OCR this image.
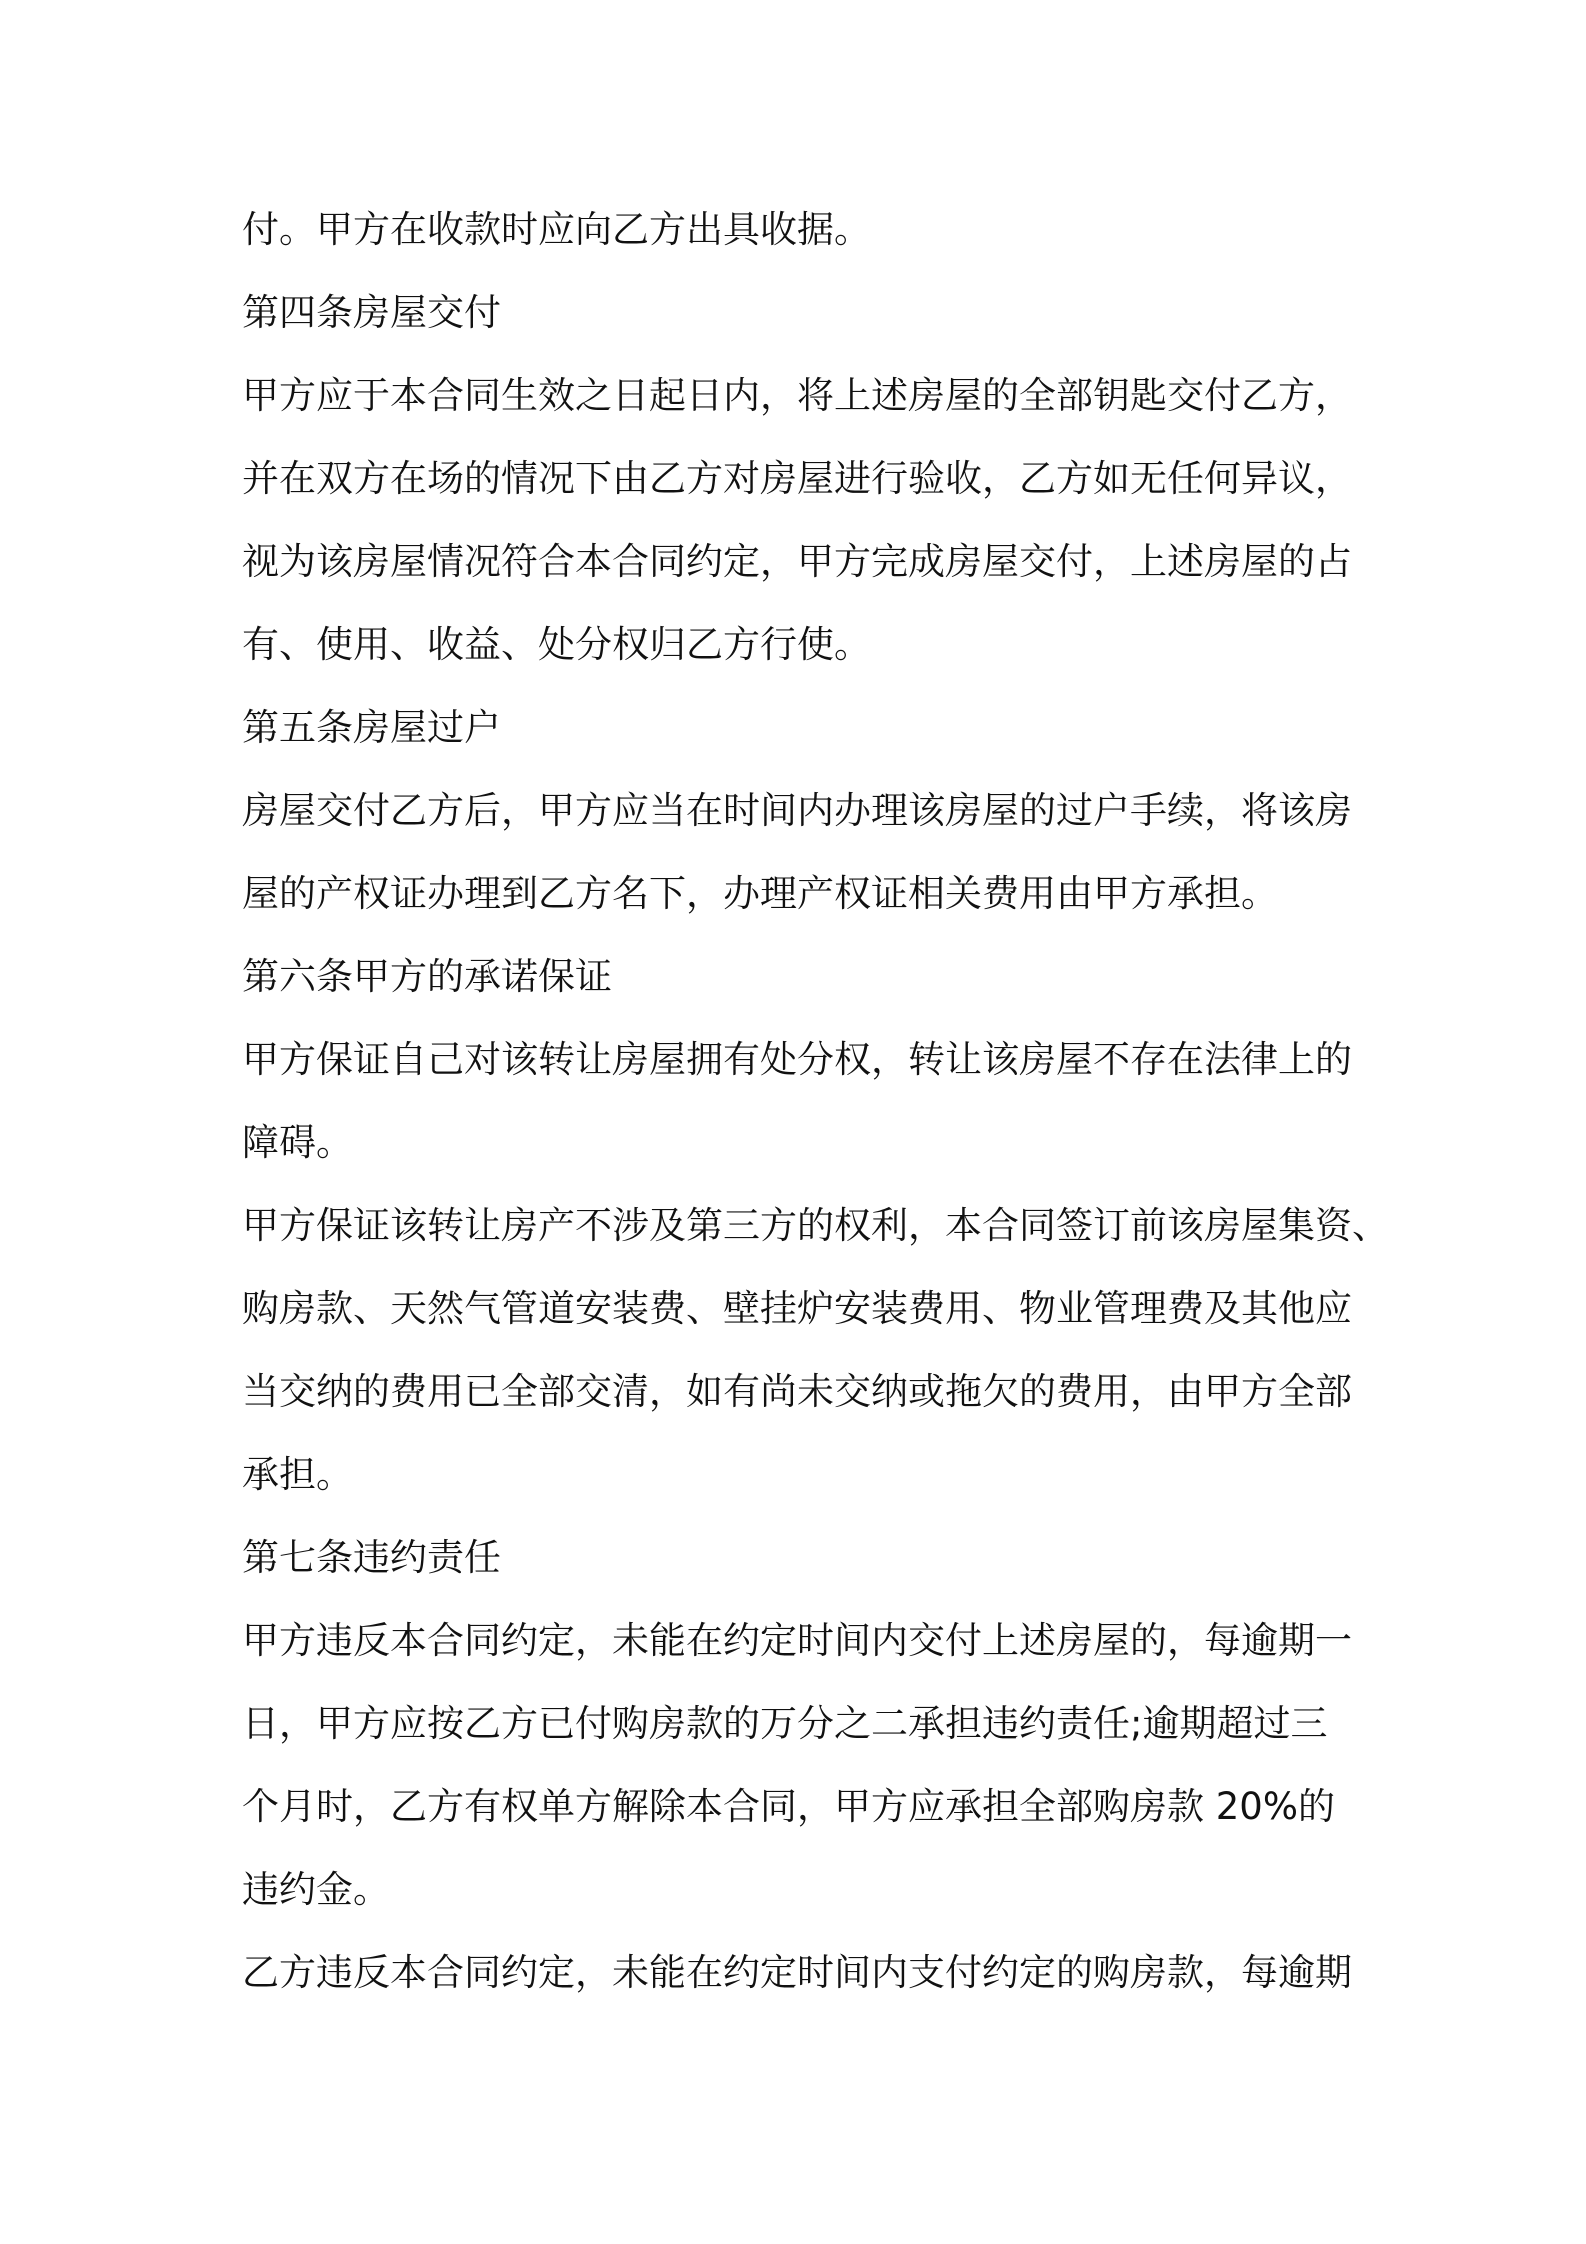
付。甲方在收款时应向乙方出具收据。

第四条房屋交付

甲方应于本合同生效之日起日内，将上述房屋的全部钥匙交付乙方，

并在双方在场的情况下由乙方对房屋进行验收，乙方如无任何异议，

视为该房屋情况符合本合同约定，甲方完成房屋交付，上述房屋的占

有、使用、收益、处分权归乙方行使。

第五条房屋过户

房屋交付乙方后，甲方应当在时间内办理该房屋的过户手续，将该房

屋的产权证办理到乙方名下，办理产权证相关费用由甲方承担。

第六条甲方的承诺保证

甲方保证自己对该转让房屋拥有处分权，转让该房屋不存在法律上的

障碍。

甲方保证该转让房产不涉及第三方的权利，本合同签订前该房屋集资、

购房款、天然气管道安装费、壁挂炉安装费用、物业管理费及其他应

当交纳的费用已全部交清，如有尚未交纳或拖欠的费用，由甲方全部

承担。

第七条违约责任

甲方违反本合同约定，未能在约定时间内交付上述房屋的，每逾期一

日，甲方应按乙方已付购房款的万分之二承担违约责任;逾期超过三

个月时，乙方有权单方解除本合同，甲方应承担全部购房款 20%的

违约金。

乙方违反本合同约定，未能在约定时间内支付约定的购房款，每逾期
